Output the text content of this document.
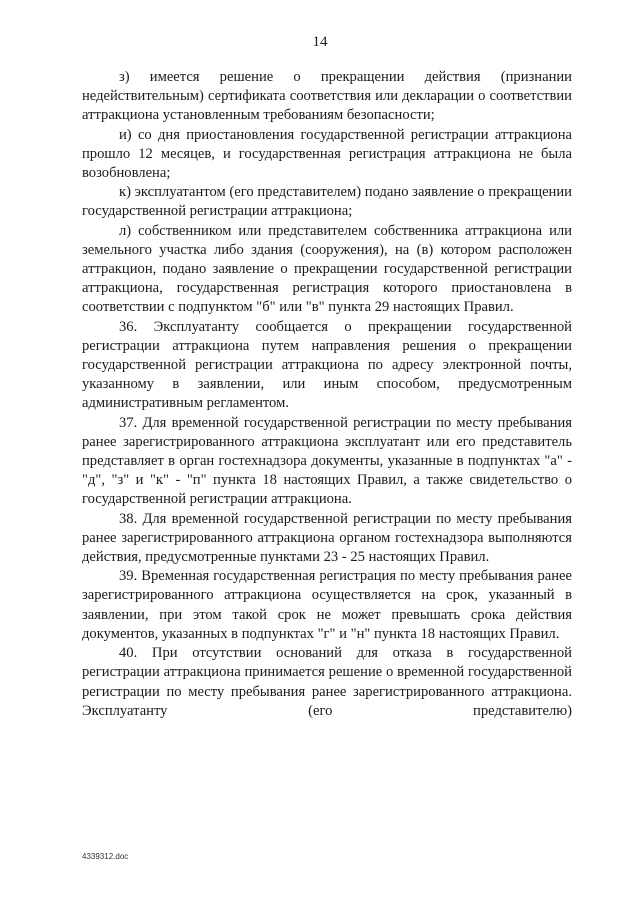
14

з) имеется решение о прекращении действия (признании недействительным) сертификата соответствия или декларации о соответствии аттракциона установленным требованиям безопасности;

и) со дня приостановления государственной регистрации аттракциона прошло 12 месяцев, и государственная регистрация аттракциона не была возобновлена;

к) эксплуатантом (его представителем) подано заявление о прекращении государственной регистрации аттракциона;

л) собственником или представителем собственника аттракциона или земельного участка либо здания (сооружения), на (в) котором расположен аттракцион, подано заявление о прекращении государственной регистрации аттракциона, государственная регистрация которого приостановлена в соответствии с подпунктом "б" или "в" пункта 29 настоящих Правил.

36. Эксплуатанту сообщается о прекращении государственной регистрации аттракциона путем направления решения о прекращении государственной регистрации аттракциона по адресу электронной почты, указанному в заявлении, или иным способом, предусмотренным административным регламентом.

37. Для временной государственной регистрации по месту пребывания ранее зарегистрированного аттракциона эксплуатант или его представитель представляет в орган гостехнадзора документы, указанные в подпунктах "а" - "д", "з" и "к" - "п" пункта 18 настоящих Правил, а также свидетельство о государственной регистрации аттракциона.

38. Для временной государственной регистрации по месту пребывания ранее зарегистрированного аттракциона органом гостехнадзора выполняются действия, предусмотренные пунктами 23 - 25 настоящих Правил.

39. Временная государственная регистрация по месту пребывания ранее зарегистрированного аттракциона осуществляется на срок, указанный в заявлении, при этом такой срок не может превышать срока действия документов, указанных в подпунктах "г" и "н" пункта 18 настоящих Правил.

40. При отсутствии оснований для отказа в государственной регистрации аттракциона принимается решение о временной государственной регистрации по месту пребывания ранее зарегистрированного аттракциона. Эксплуатанту (его представителю)

4339312.doc
